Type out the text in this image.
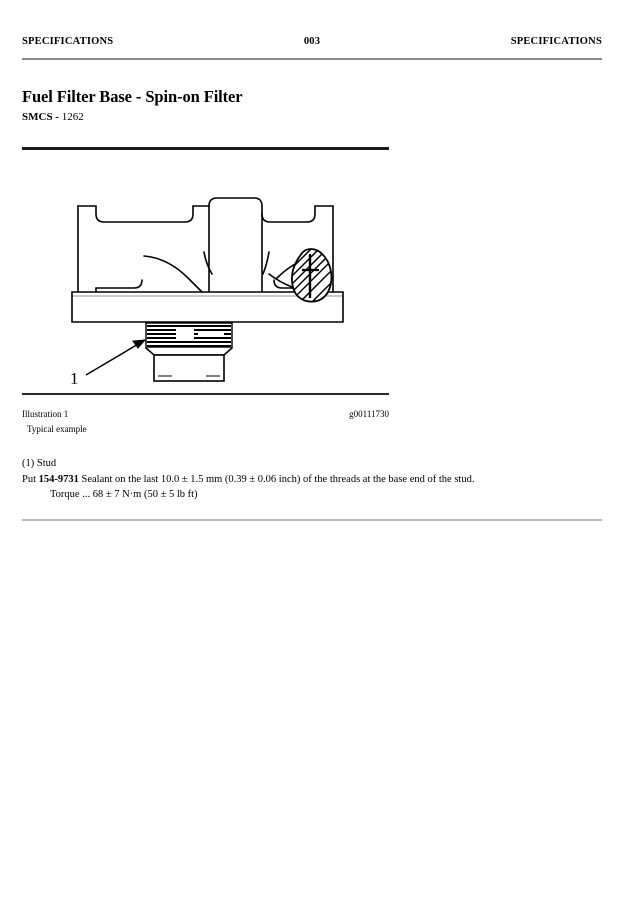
SPECIFICATIONS	003	SPECIFICATIONS
Fuel Filter Base - Spin-on Filter
SMCS - 1262
1
Illustration 1	g00111730
Typical example
(1) Stud
Put 154-9731 Sealant on the last 10.0 ± 1.5 mm (0.39 ± 0.06 inch) of the threads at the base end of the stud.
Torque ... 68 ± 7 N·m (50 ± 5 lb ft)
